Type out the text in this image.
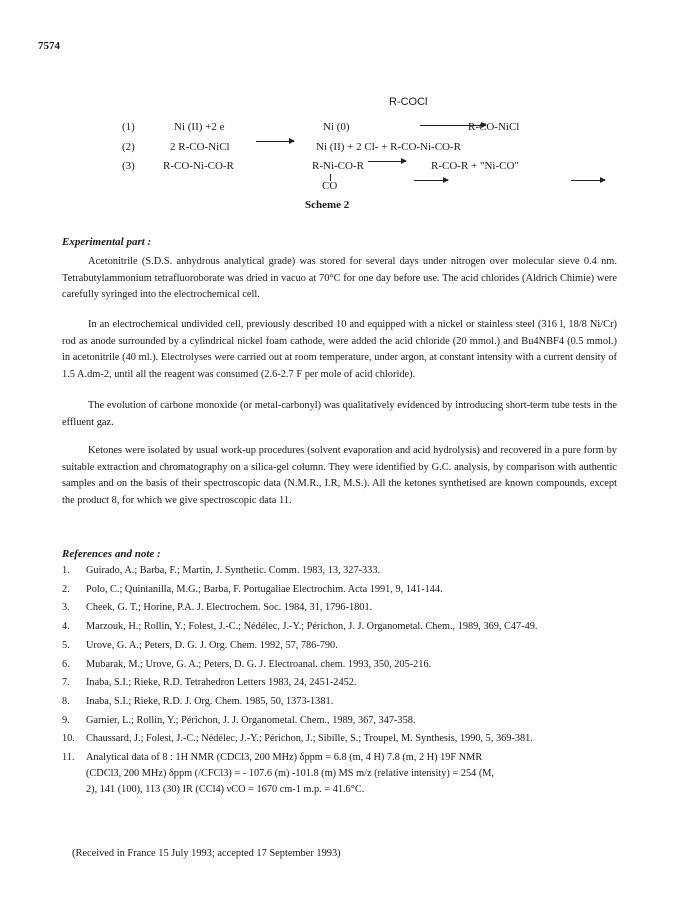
7574
R-COCl
(1)	Ni (II) +2 e
	Ni (0)
	R-CO-NiCl
(2)	2 R-CO-NiCl
	Ni (II) + 2 Cl- + R-CO-Ni-CO-R
(3)	R-CO-Ni-CO-R
	R-Ni-CO-R	R-CO-R + "Ni-CO"
CO
Scheme 2
Experimental part :
Acetonitrile (S.D.S. anhydrous analytical grade) was stored for several days under nitrogen over molecular sieve 0.4 nm. Tetrabutylammonium tetrafluoroborate was dried in vacuo at 70°C for one day before use. The acid chlorides (Aldrich Chimie) were carefully syringed into the electrochemical cell.
In an electrochemical undivided cell, previously described 10 and equipped with a nickel or stainless steel (316 l, 18/8 Ni/Cr) rod as anode surrounded by a cylindrical nickel foam cathode, were added the acid chloride (20 mmol.) and Bu4NBF4 (0.5 mmol.) in acetonitrile (40 ml.). Electrolyses were carried out at room temperature, under argon, at constant intensity with a current density of 1.5 A.dm-2, until all the reagent was consumed (2.6-2.7 F per mole of acid chloride).
The evolution of carbone monoxide (or metal-carbonyl) was qualitatively evidenced by introducing short-term tube tests in the effluent gaz.
Ketones were isolated by usual work-up procedures (solvent evaporation and acid hydrolysis) and recovered in a pure form by suitable extraction and chromatography on a silica-gel column. They were identified by G.C. analysis, by comparison with authentic samples and on the basis of their spectroscopic data (N.M.R., I.R, M.S.). All the ketones synthetised are known compounds, except the product 8, for which we give spectroscopic data 11.
References and note :
1. Guirado, A.; Barba, F.; Martin, J. Synthetic. Comm. 1983, 13, 327-333.
2. Polo, C.; Quintanilla, M.G.; Barba, F. Portugaliae Electrochim. Acta 1991, 9, 141-144.
3. Cheek, G. T.; Horine, P.A. J. Electrochem. Soc. 1984, 31, 1796-1801.
4. Marzouk, H.; Rollin, Y.; Folest, J.-C.; Nédélec, J.-Y.; Périchon, J. J. Organometal. Chem., 1989, 369, C47-49.
5. Urove, G. A.; Peters, D. G. J. Org. Chem. 1992, 57, 786-790.
6. Mubarak, M.; Urove, G. A.; Peters, D. G. J. Electroanal. chem. 1993, 350, 205-216.
7. Inaba, S.I.; Rieke, R.D. Tetrahedron Letters 1983, 24, 2451-2452.
8. Inaba, S.I.; Rieke, R.D. J. Org. Chem. 1985, 50, 1373-1381.
9. Garnier, L.; Rollin, Y.; Périchon, J. J. Organometal. Chem., 1989, 367, 347-358.
10. Chaussard, J.; Folest, J.-C.; Nédélec, J.-Y.; Périchon, J.; Sibille, S.; Troupel, M. Synthesis, 1990, 5, 369-381.
11. Analytical data of 8 : 1H NMR (CDCl3, 200 MHz) δppm = 6.8 (m, 4 H) 7.8 (m, 2 H) 19F NMR
(CDCl3, 200 MHz) δppm (/CFCl3) = - 107.6 (m) -101.8 (m) MS m/z (relative intensity) = 254 (M,
2), 141 (100), 113 (30) IR (CCl4) νCO = 1670 cm-1 m.p. = 41.6°C.
(Received in France 15 July 1993; accepted 17 September 1993)
